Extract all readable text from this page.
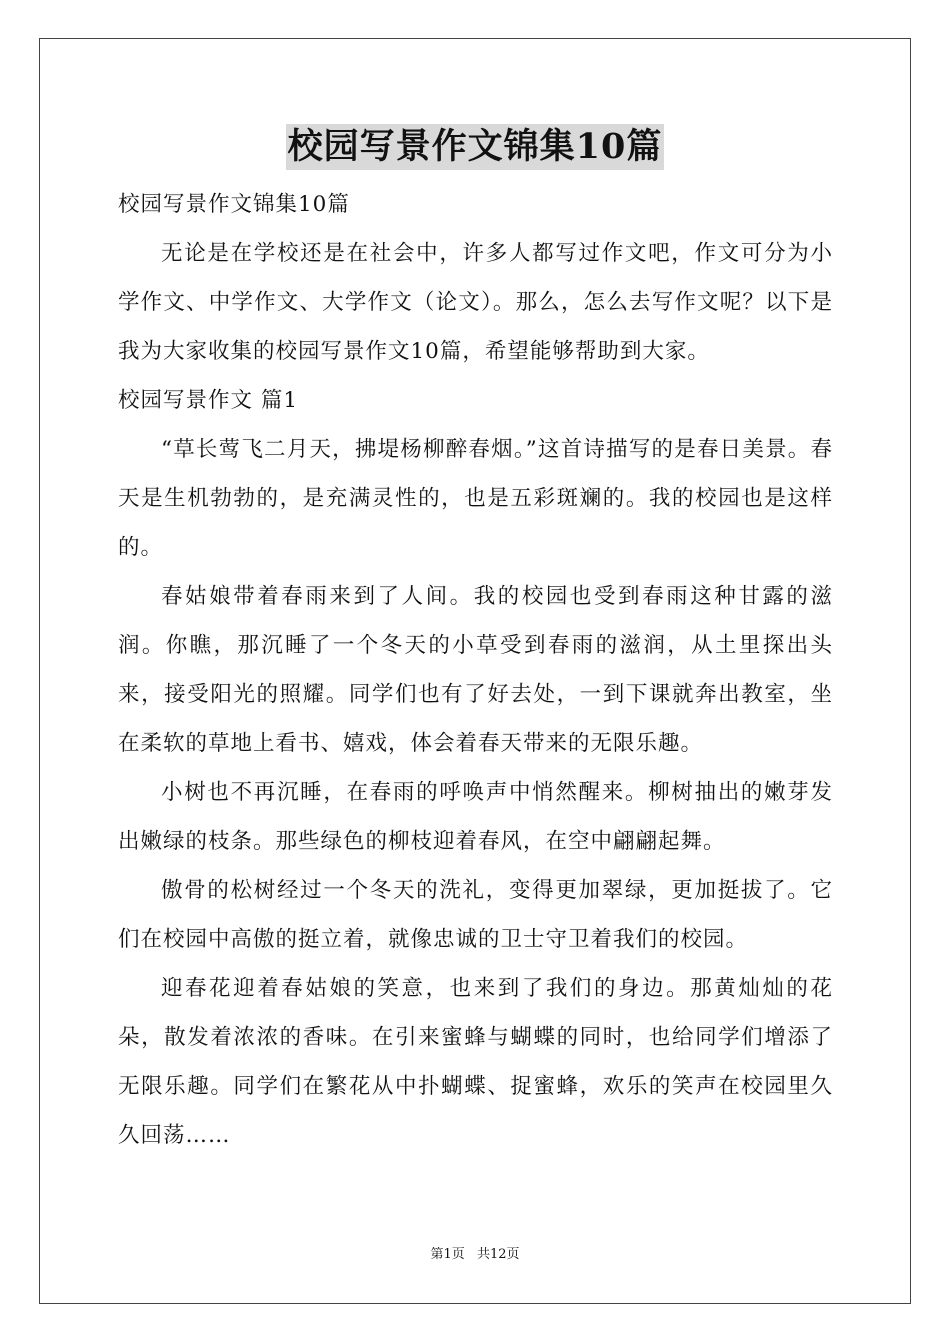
校园写景作文锦集10篇

校园写景作文锦集10篇

无论是在学校还是在社会中，许多人都写过作文吧，作文可分为小学作文、中学作文、大学作文（论文）。那么，怎么去写作文呢？以下是我为大家收集的校园写景作文10篇，希望能够帮助到大家。

校园写景作文 篇1

“草长莺飞二月天，拂堤杨柳醉春烟。”这首诗描写的是春日美景。春天是生机勃勃的，是充满灵性的，也是五彩斑斓的。我的校园也是这样的。

春姑娘带着春雨来到了人间。我的校园也受到春雨这种甘露的滋润。你瞧，那沉睡了一个冬天的小草受到春雨的滋润，从土里探出头来，接受阳光的照耀。同学们也有了好去处，一到下课就奔出教室，坐在柔软的草地上看书、嬉戏，体会着春天带来的无限乐趣。

小树也不再沉睡，在春雨的呼唤声中悄然醒来。柳树抽出的嫩芽发出嫩绿的枝条。那些绿色的柳枝迎着春风，在空中翩翩起舞。

傲骨的松树经过一个冬天的洗礼，变得更加翠绿，更加挺拔了。它们在校园中高傲的挺立着，就像忠诚的卫士守卫着我们的校园。

迎春花迎着春姑娘的笑意，也来到了我们的身边。那黄灿灿的花朵，散发着浓浓的香味。在引来蜜蜂与蝴蝶的同时，也给同学们增添了无限乐趣。同学们在繁花从中扑蝴蝶、捉蜜蜂，欢乐的笑声在校园里久久回荡……

第1页 共12页
